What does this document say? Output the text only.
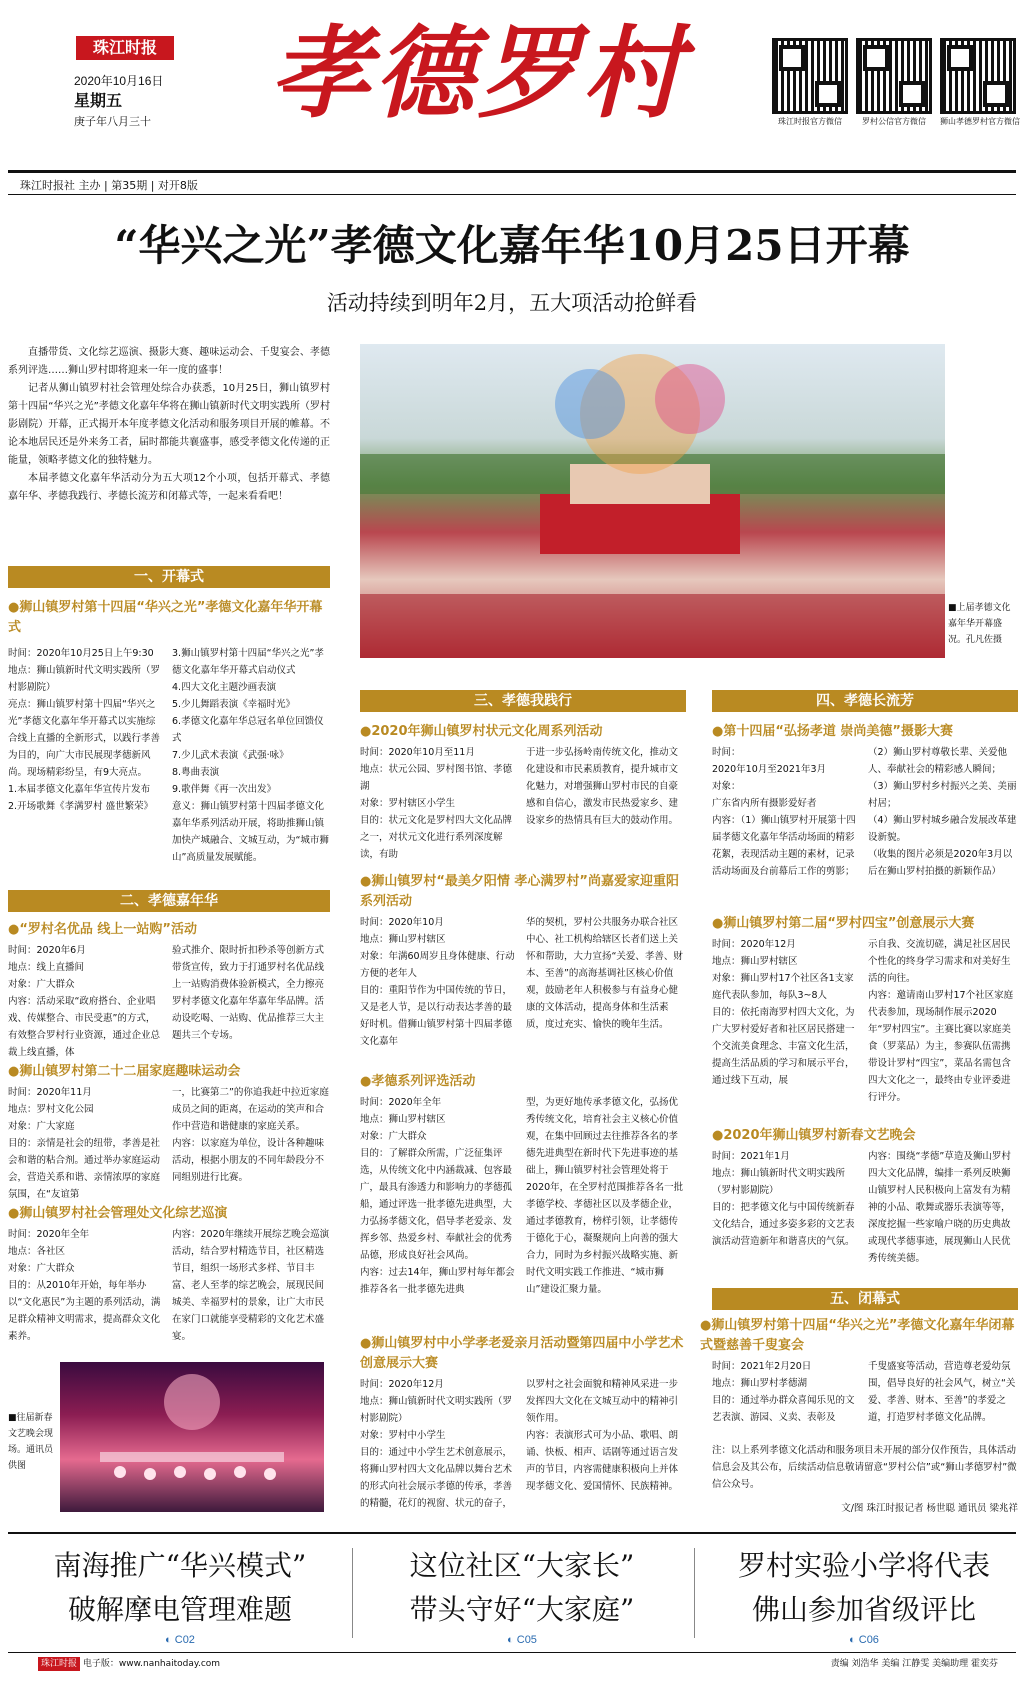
珠江时报
2020年10月16日
星期五
庚子年八月三十	孝德罗村	珠江时报官方微信	罗村公信官方微信	狮山孝德罗村官方微信
珠江时报社 主办 | 第35期 | 对开8版
“华兴之光”孝德文化嘉年华10月25日开幕
活动持续到明年2月，五大项活动抢鲜看

直播带货、文化综艺巡演、摄影大赛、趣味运动会、千叟宴会、孝德系列评选……狮山罗村即将迎来一年一度的盛事！

记者从狮山镇罗村社会管理处综合办获悉，10月25日，狮山镇罗村第十四届“华兴之光”孝德文化嘉年华将在狮山镇新时代文明实践所（罗村影剧院）开幕，正式揭开本年度孝德文化活动和服务项目开展的帷幕。不论本地居民还是外来务工者，届时都能共襄盛事，感受孝德文化传递的正能量，领略孝德文化的独特魅力。

本届孝德文化嘉年华活动分为五大项12个小项，包括开幕式、孝德嘉年华、孝德我践行、孝德长流芳和闭幕式等，一起来看看吧！

一、开幕式
●狮山镇罗村第十四届“华兴之光”孝德文化嘉年华开幕式
时间：2020年10月25日上午9:30
地点：狮山镇新时代文明实践所（罗村影剧院）
亮点：狮山镇罗村第十四届“华兴之光”孝德文化嘉年华开幕式以实施综合线上直播的全新形式，以践行孝善为目的，向广大市民展现孝德新风尚。现场精彩纷呈，有9大亮点。
1.本届孝德文化嘉年华宣传片发布
2.开场歌舞《孝满罗村 盛世繁荣》
3.狮山镇罗村第十四届“华兴之光”孝德文化嘉年华开幕式启动仪式
4.四大文化主题沙画表演
5.少儿舞蹈表演《幸福时光》
6.孝德文化嘉年华总冠名单位回馈仪式
7.少儿武术表演《武强·咏》
8.粤曲表演
9.歌伴舞《再一次出发》
意义：狮山镇罗村第十四届孝德文化嘉年华系列活动开展，将助推狮山镇加快产城融合、文城互动，为“城市狮山”高质量发展赋能。
二、孝德嘉年华
●“罗村名优品 线上一站购”活动
时间：2020年6月
地点：线上直播间
对象：广大群众
内容：活动采取“政府搭台、企业唱戏、传媒整合、市民受惠”的方式，有效整合罗村行业资源，通过企业总裁上线直播，体
验式推介、限时折扣秒杀等创新方式带货宣传，致力于打通罗村名优品线上一站购消费体验新模式，全力擦亮罗村孝德文化嘉年华嘉年华品牌。活动设吃喝、一站购、优品推荐三大主题共三个专场。
●狮山镇罗村第二十二届家庭趣味运动会
时间：2020年11月
地点：罗村文化公园
对象：广大家庭
目的：亲情是社会的纽带，孝善是社会和谐的粘合剂。通过举办家庭运动会，营造关系和谐、亲情浓厚的家庭氛围，在“友谊第
一，比赛第二”的你追我赶中拉近家庭成员之间的距离，在运动的笑声和合作中营造和谐健康的家庭关系。
内容：以家庭为单位，设计各种趣味活动，根据小朋友的不同年龄段分不同组别进行比赛。
●狮山镇罗村社会管理处文化综艺巡演
时间：2020年全年
地点：各社区
对象：广大群众
目的：从2010年开始，每年举办以“文化惠民”为主题的系列活动，满足群众精神文明需求，提高群众文化素养。
内容：2020年继续开展综艺晚会巡演活动，结合罗村精选节目，社区精选节目，组织一场形式多样、节目丰富、老人至孝的综艺晚会，展现民间城美、幸福罗村的景象，让广大市民在家门口就能享受精彩的文化艺术盛宴。
■往届新春文艺晚会现场。通讯员供图
■上届孝德文化嘉年华开幕盛况。孔凡佐摄
三、孝德我践行
●2020年狮山镇罗村状元文化周系列活动
时间：2020年10月至11月
地点：状元公园、罗村图书馆、孝德湖
对象：罗村辖区小学生
目的：状元文化是罗村四大文化品牌之一，对状元文化进行系列深度解读，有助
于进一步弘扬岭南传统文化，推动文化建设和市民素质教育，提升城市文化魅力，对增强狮山罗村市民的自豪感和自信心，激发市民热爱家乡、建设家乡的热情具有巨大的鼓动作用。
●狮山镇罗村“最美夕阳情 孝心满罗村”尚嘉爱家迎重阳系列活动
时间：2020年10月
地点：狮山罗村辖区
对象：年满60周岁且身体健康、行动方便的老年人
目的：重阳节作为中国传统的节日，又是老人节，是以行动表达孝善的最好时机。借狮山镇罗村第十四届孝德文化嘉年
华的契机，罗村公共服务办联合社区中心、社工机构给辖区长者们送上关怀和帮助，大力宣扬“关爱、孝善、财本、至善”的高海基调社区核心价值观，鼓励老年人积极参与有益身心健康的文体活动，提高身体和生活素质，度过充实、愉快的晚年生活。
●孝德系列评选活动
时间：2020年全年
地点：狮山罗村辖区
对象：广大群众
目的：了解群众所需，广泛征集评选，从传统文化中内涵裁减、包容最广，最具有渗透力和影响力的孝德孤船，通过评选一批孝德先进典型，大力弘扬孝德文化，倡导孝老爱亲、发挥乡邻、热爱乡村、奉献社会的优秀品德，形成良好社会风尚。
内容：过去14年，狮山罗村每年都会推荐各名一批孝德先进典
型，为更好地传承孝德文化，弘扬优秀传统文化，培育社会主义核心价值观，在集中回顾过去往推荐各名的孝德先进典型在新时代下先进事迹的基础上，狮山镇罗村社会管理处将于2020年，在全罗村范围推荐各名一批孝德学校、孝德社区以及孝德企业，通过孝德教育，榜样引领，让孝德传于德化于心，凝聚规向上向善的强大合力，同时为乡村振兴战略实施、新时代文明实践工作推进、“城市狮山”建设汇聚力量。
●狮山镇罗村中小学孝老爱亲月活动暨第四届中小学艺术创意展示大赛
时间：2020年12月
地点：狮山镇新时代文明实践所（罗村影剧院）
对象：罗村中小学生
目的：通过中小学生艺术创意展示，将狮山罗村四大文化品牌以舞台艺术的形式向社会展示孝德的传承，孝善的精髓，花灯的视窗、状元的奋子，
以罗村之社会面貌和精神风采进一步发挥四大文化在文城互动中的精神引领作用。
内容：表演形式可为小品、歌唱、朗诵、快板、相声、话剧等通过语言发声的节目，内容需健康积极向上并体现孝德文化、爱国情怀、民族精神。
四、孝德长流芳
●第十四届“弘扬孝道 崇尚美德”摄影大赛
时间：
2020年10月至2021年3月
对象：
广东省内所有摄影爱好者
内容：（1）狮山镇罗村开展第十四届孝德文化嘉年华活动场面的精彩花絮，表现活动主题的素材，记录活动场面及台前幕后工作的剪影；
（2）狮山罗村尊敬长辈、关爱他人、奉献社会的精彩感人瞬间；
（3）狮山罗村乡村振兴之美、美丽村居；
（4）狮山罗村城乡融合发展改革建设新貌。
（收集的图片必须是2020年3月以后在狮山罗村拍摄的新颖作品）
●狮山镇罗村第二届“罗村四宝”创意展示大赛
时间：2020年12月
地点：狮山罗村辖区
对象：狮山罗村17个社区各1支家庭代表队参加，每队3~8人
目的：依托南海罗村四大文化，为广大罗村爱好者和社区居民搭建一个交流美食理念、丰富文化生活，提高生活品质的学习和展示平台，通过线下互动，展
示自我、交流切磋，满足社区居民个性化的终身学习需求和对美好生活的向往。
内容：邀请南山罗村17个社区家庭代表参加，现场制作展示2020年“罗村四宝”。主赛比赛以家庭美食（罗菜品）为主，参赛队伍需携带设计罗村“四宝”，菜品名需包含四大文化之一，最终由专业评委进行评分。
●2020年狮山镇罗村新春文艺晚会
时间：2021年1月
地点：狮山镇新时代文明实践所（罗村影剧院）
目的：把孝德文化与中国传统新春文化结合，通过多姿多彩的文艺表演活动营造新年和谐喜庆的气氛。
内容：围绕“孝德”草造及狮山罗村四大文化品牌，编排一系列反映狮山镇罗村人民积极向上富发有为精神的小品、歌舞或器乐表演等等，深度挖掘一些家喻户晓的历史典故或现代孝德事迹，展现狮山人民优秀传统美德。
五、闭幕式
●狮山镇罗村第十四届“华兴之光”孝德文化嘉年华闭幕式暨慈善千叟宴会
时间：2021年2月20日
地点：狮山罗村孝德湖
目的：通过举办群众喜闻乐见的文艺表演、游园、义卖、表彰及
千叟盛宴等活动，营造尊老爱幼氛围，倡导良好的社会风气，树立“关爱、孝善、财本、至善”的孝爱之道，打造罗村孝德文化品牌。
注：以上系列孝德文化活动和服务项目未开展的部分仅作预告，具体活动信息会及其公布，后续活动信息敬请留意“罗村公信”或“狮山孝德罗村”微信公众号。
文/图 珠江时报记者 杨世聪 通讯员 梁兆祥
南海推广“华兴模式”
破解摩电管理难题
◐ C02
这位社区“大家长”
带头守好“大家庭”
◐ C05
罗村实验小学将代表
佛山参加省级评比
◐ C06
珠江时报 电子版：www.nanhaitoday.com	责编 刘浩华 美编 江静雯 美编助理 霍奕芬
